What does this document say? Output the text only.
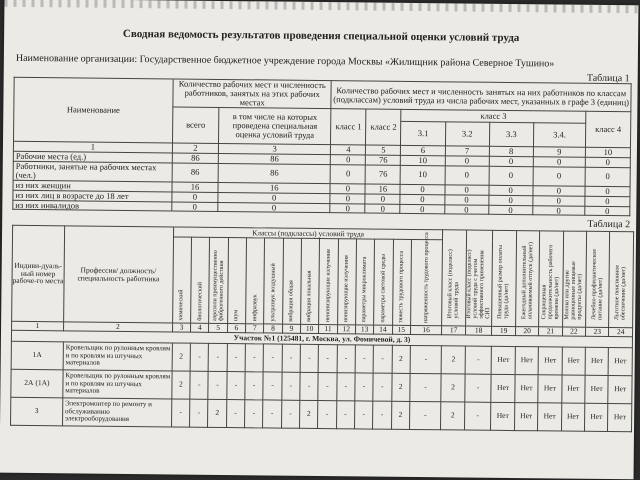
Сводная ведомость результатов проведения специальной оценки условий труда
Наименование организации: Государственное бюджетное учреждение города Москвы «Жилищник района Северное Тушино»
Таблица 1
Наименование	Количество рабочих мест и численность работников, занятых на этих рабочих местах		Количество рабочих мест и численность занятых на них работников по классам (подклассам) условий труда из числа рабочих мест, указанных в графе 3 (единиц)						
	всего	в том числе на которых проведена специальная оценка условий труда	класс 1	класс 2	класс 3				класс 4
					3.1	3.2	3.3	3.4.	
1	2	3	4	5	6	7	8	9	10
Рабочие места (ед.)	86	86	0	76	10	0	0	0	0
Работники, занятые на рабочих местах (чел.)	86	86	0	76	10	0	0	0	0
из них женщин	16	16	0	16	0	0	0	0	0
из них лиц в возрасте до 18 лет	0	0	0	0	0	0	0	0	0
из них инвалидов	0	0	0	0	0	0	0	0	0
Таблица 2
Индиви-дуаль-ный номер рабоче-го места	Профессия/ должность/ специальность работника	Классы (подклассы) условий труда														Итоговый класс (подкласс) условий труда	Итоговый класс (подкласс) условий труда с учетом эффективного применения СИЗ	Повышенный размер оплаты труда (да/нет)	Ежегодный дополнительный оплачиваемый отпуск (да/нет)	Сокращенная продолжительность рабочего времени (да/нет)	Молоко или другие равноценные пищевые продукты (да/нет)	Лечебно-профилактическое питание (да/нет)	Льготное пенсионное обеспечение (да/нет)

		химический	биологический	аэрозоли преимущественно фиброгенного действия	шум	инфразвук	ультразвук воздушный	вибрация общая	вибрация локальная	неионизирующие излучения	ионизирующие излучения	параметры микроклимата	параметры световой среды	тяжесть трудового процесса	напряженность трудового процесса								

1	2	3	4	5	6	7	8	9	10	11	12	13	14	15	16	17	18	19	20	21	22	23	24
Участок №1 (125481, г. Москва, ул. Фомичевой, д. 3)																							
1А	Кровельщик по рулонным кровлям и по кровлям из штучных материалов	2	-	-	-	-	-	-	-	-	-	-	-	2	-	2	-	Нет	Нет	Нет	Нет	Нет	Нет
2А (1А)	Кровельщик по рулонным кровлям и по кровлям из штучных материалов	2	-	-	-	-	-	-	-	-	-	-	-	2	-	2	-	Нет	Нет	Нет	Нет	Нет	Нет
3	Электромонтер по ремонту и обслуживанию электрооборудования	-	-	2	-	-	-	-	2	-	-	-	-	2	-	2	-	Нет	Нет	Нет	Нет	Нет	Нет
